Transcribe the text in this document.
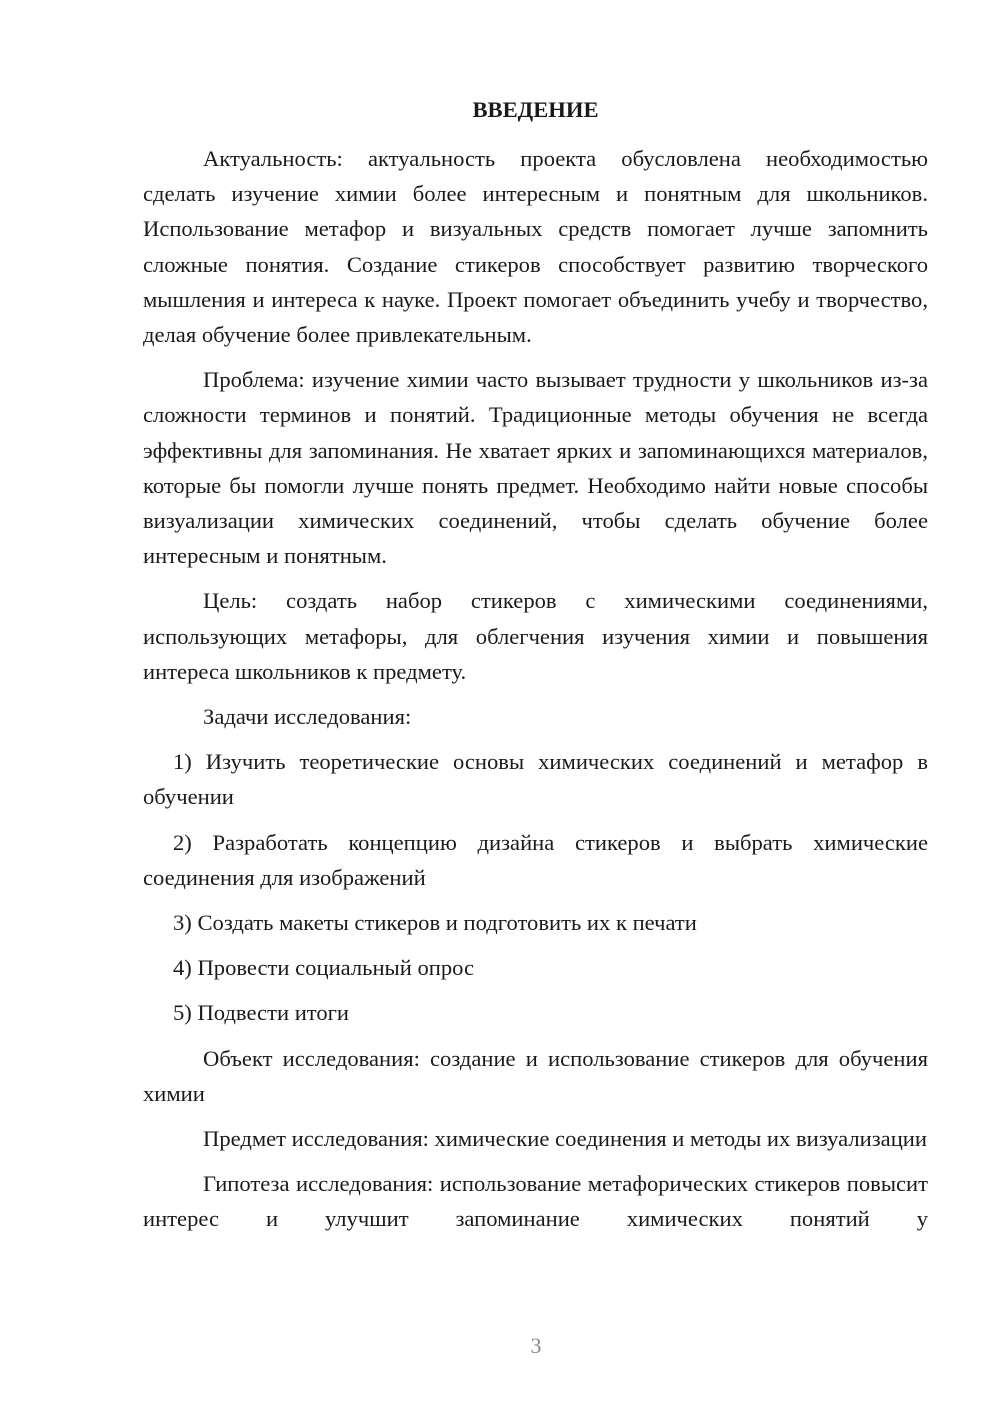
ВВЕДЕНИЕ

Актуальность: актуальность проекта обусловлена необходимостью сделать изучение химии более интересным и понятным для школьников. Использование метафор и визуальных средств помогает лучше запомнить сложные понятия. Создание стикеров способствует развитию творческого мышления и интереса к науке. Проект помогает объединить учебу и творчество, делая обучение более привлекательным.

Проблема: изучение химии часто вызывает трудности у школьников из-за сложности терминов и понятий. Традиционные методы обучения не всегда эффективны для запоминания. Не хватает ярких и запоминающихся материалов, которые бы помогли лучше понять предмет. Необходимо найти новые способы визуализации химических соединений, чтобы сделать обучение более интересным и понятным.

Цель: создать набор стикеров с химическими соединениями, использующих метафоры, для облегчения изучения химии и повышения интереса школьников к предмету.

Задачи исследования:

1) Изучить теоретические основы химических соединений и метафор в обучении

2) Разработать концепцию дизайна стикеров и выбрать химические соединения для изображений

3) Создать макеты стикеров и подготовить их к печати

4) Провести социальный опрос

5) Подвести итоги

Объект исследования: создание и использование стикеров для обучения химии

Предмет исследования: химические соединения и методы их визуализации

Гипотеза исследования: использование метафорических стикеров повысит интерес и улучшит запоминание химических понятий у

3
